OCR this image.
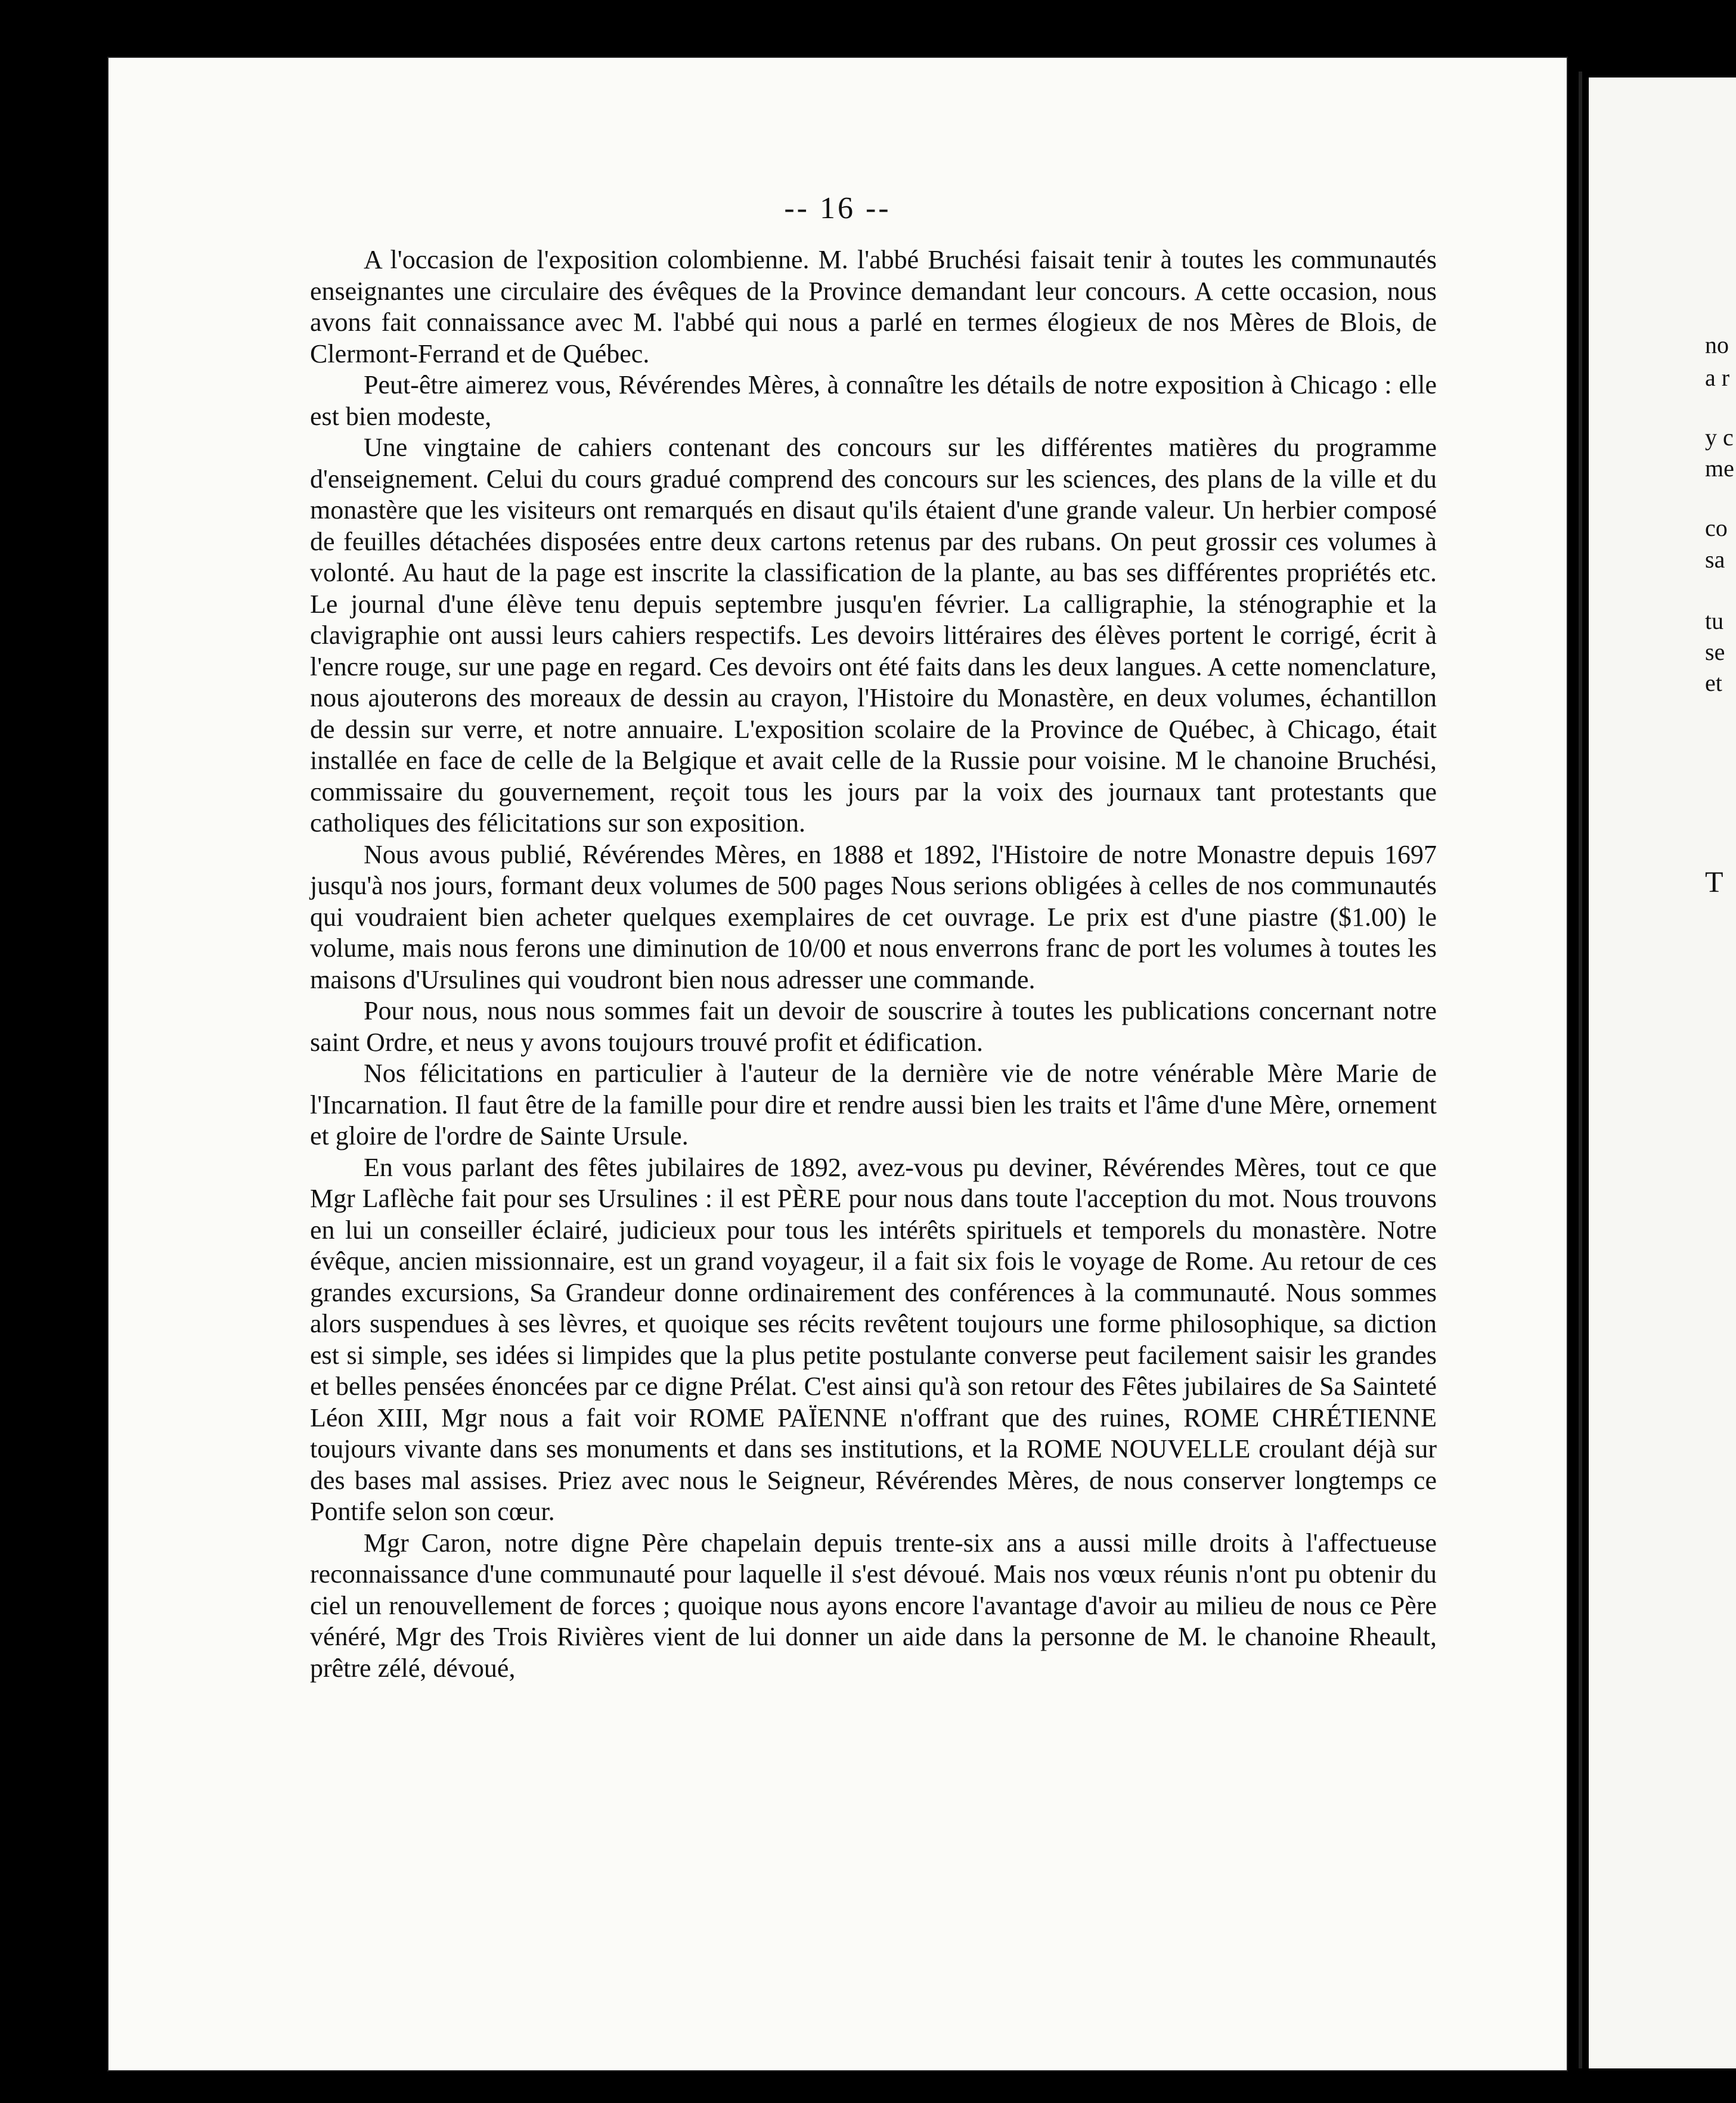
-- 16 --

A l'occasion de l'exposition colombienne. M. l'abbé Bruchési faisait tenir à toutes les communautés enseignantes une circulaire des évêques de la Province demandant leur concours. A cette occasion, nous avons fait connaissance avec M. l'abbé qui nous a parlé en termes élogieux de nos Mères de Blois, de Clermont-Ferrand et de Québec.

Peut-être aimerez vous, Révérendes Mères, à connaître les détails de notre exposition à Chicago : elle est bien modeste,

Une vingtaine de cahiers contenant des concours sur les différentes matières du programme d'enseignement. Celui du cours gradué comprend des concours sur les sciences, des plans de la ville et du monastère que les visiteurs ont remarqués en disaut qu'ils étaient d'une grande valeur. Un herbier composé de feuilles détachées disposées entre deux cartons retenus par des rubans. On peut grossir ces volumes à volonté. Au haut de la page est inscrite la classification de la plante, au bas ses différentes propriétés etc. Le journal d'une élève tenu depuis septembre jusqu'en février. La calligraphie, la sténographie et la clavigraphie ont aussi leurs cahiers respectifs. Les devoirs littéraires des élèves portent le corrigé, écrit à l'encre rouge, sur une page en regard. Ces devoirs ont été faits dans les deux langues. A cette nomenclature, nous ajouterons des moreaux de dessin au crayon, l'Histoire du Monastère, en deux volumes, échantillon de dessin sur verre, et notre annuaire. L'exposition scolaire de la Province de Québec, à Chicago, était installée en face de celle de la Belgique et avait celle de la Russie pour voisine. M le chanoine Bruchési, commissaire du gouvernement, reçoit tous les jours par la voix des journaux tant protestants que catholiques des félicitations sur son exposition.

Nous avous publié, Révérendes Mères, en 1888 et 1892, l'Histoire de notre Monastre depuis 1697 jusqu'à nos jours, formant deux volumes de 500 pages Nous serions obligées à celles de nos communautés qui voudraient bien acheter quelques exemplaires de cet ouvrage. Le prix est d'une piastre ($1.00) le volume, mais nous ferons une diminution de 10/00 et nous enverrons franc de port les volumes à toutes les maisons d'Ursulines qui voudront bien nous adresser une commande.

Pour nous, nous nous sommes fait un devoir de souscrire à toutes les publications concernant notre saint Ordre, et neus y avons toujours trouvé profit et édification.

Nos félicitations en particulier à l'auteur de la dernière vie de notre vénérable Mère Marie de l'Incarnation. Il faut être de la famille pour dire et rendre aussi bien les traits et l'âme d'une Mère, ornement et gloire de l'ordre de Sainte Ursule.

En vous parlant des fêtes jubilaires de 1892, avez-vous pu deviner, Révérendes Mères, tout ce que Mgr Laflèche fait pour ses Ursulines : il est PÈRE pour nous dans toute l'acception du mot. Nous trouvons en lui un conseiller éclairé, judicieux pour tous les intérêts spirituels et temporels du monastère. Notre évêque, ancien missionnaire, est un grand voyageur, il a fait six fois le voyage de Rome. Au retour de ces grandes excursions, Sa Grandeur donne ordinairement des conférences à la communauté. Nous sommes alors suspendues à ses lèvres, et quoique ses récits revêtent toujours une forme philosophique, sa diction est si simple, ses idées si limpides que la plus petite postulante converse peut facilement saisir les grandes et belles pensées énoncées par ce digne Prélat. C'est ainsi qu'à son retour des Fêtes jubilaires de Sa Sainteté Léon XIII, Mgr nous a fait voir ROME PAÏENNE n'offrant que des ruines, ROME CHRÉTIENNE toujours vivante dans ses monuments et dans ses institutions, et la ROME NOUVELLE croulant déjà sur des bases mal assises. Priez avec nous le Seigneur, Révérendes Mères, de nous conserver longtemps ce Pontife selon son cœur.

Mgr Caron, notre digne Père chapelain depuis trente-six ans a aussi mille droits à l'affectueuse reconnaissance d'une communauté pour laquelle il s'est dévoué. Mais nos vœux réunis n'ont pu obtenir du ciel un renouvellement de forces ; quoique nous ayons encore l'avantage d'avoir au milieu de nous ce Père vénéré, Mgr des Trois Rivières vient de lui donner un aide dans la personne de M. le chanoine Rheault, prêtre zélé, dévoué,

no
a r
y c
me
co
sa
tu
se
et
T
